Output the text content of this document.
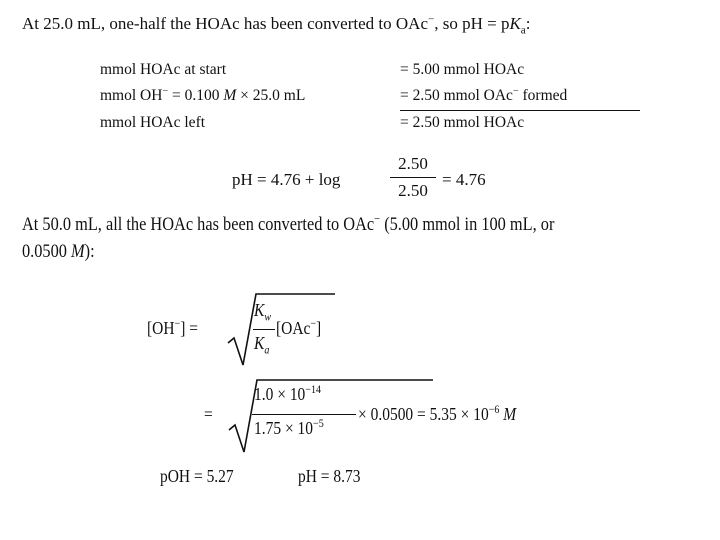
At 25.0 mL, one-half the HOAc has been converted to OAc−, so pH = $pK_a$:
mmol HOAc at start	= 5.00 mmol HOAc
mmol OH− = 0.100 M × 25.0 mL	= 2.50 mmol OAc− formed
mmol HOAc left	= 2.50 mmol HOAc
pH = 4.76 + log
2.50
2.50
= 4.76
At 50.0 mL, all the HOAc has been converted to OAc− (5.00 mmol in 100 mL, or
0.0500 M):
[OH−] =
$K_w$
$K_a$
[OAc−]
=
$1.0 \times 10^{-14}$
$1.75 \times 10^{-5} \times 0.0500 = 5.35 \times 10^{-6}$ M
pOH = 5.27	pH = 8.73
